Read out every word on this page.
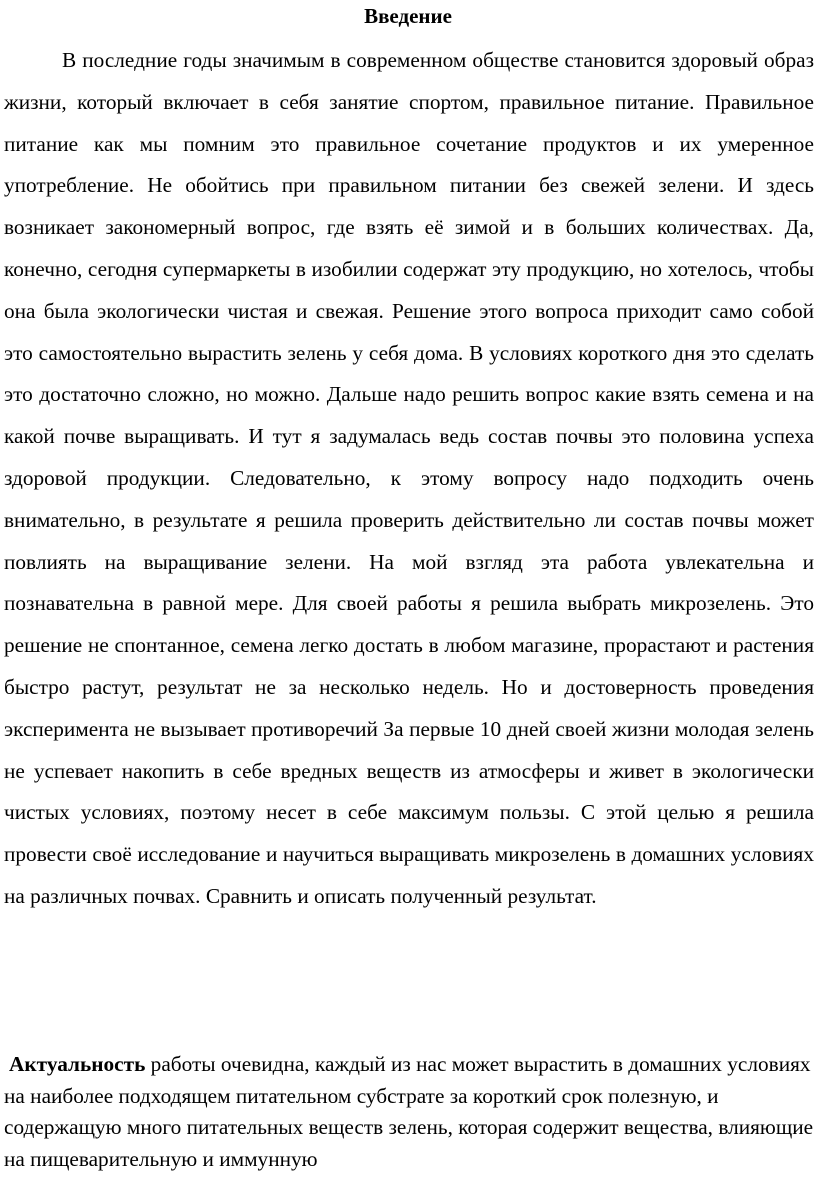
Введение

В последние годы значимым в современном обществе становится здоровый образ жизни, который включает в себя занятие спортом, правильное питание. Правильное питание как мы помним это правильное сочетание продуктов и их умеренное употребление. Не обойтись при правильном питании без свежей зелени. И здесь возникает закономерный вопрос, где взять её зимой и в больших количествах. Да, конечно, сегодня супермаркеты в изобилии содержат эту продукцию, но хотелось, чтобы она была экологически чистая и свежая. Решение этого вопроса приходит само собой это самостоятельно вырастить зелень у себя дома. В условиях короткого дня это сделать это достаточно сложно, но можно. Дальше надо решить вопрос какие взять семена и на какой почве выращивать. И тут я задумалась ведь состав почвы это половина успеха здоровой продукции. Следовательно, к этому вопросу надо подходить очень внимательно, в результате я решила проверить действительно ли состав почвы может повлиять на выращивание зелени. На мой взгляд эта работа увлекательна и познавательна в равной мере. Для своей работы я решила выбрать микрозелень. Это решение не спонтанное, семена легко достать в любом магазине, прорастают и растения быстро растут, результат не за несколько недель. Но и достоверность проведения эксперимента не вызывает противоречий За первые 10 дней своей жизни молодая зелень не успевает накопить в себе вредных веществ из атмосферы и живет в экологически чистых условиях, поэтому несет в себе максимум пользы. С этой целью я решила провести своё исследование и научиться выращивать микрозелень в домашних условиях на различных почвах. Сравнить и описать полученный результат.

Актуальность работы очевидна, каждый из нас может вырастить в домашних условиях на наиболее подходящем питательном субстрате за короткий срок полезную, и содержащую много питательных веществ зелень, которая содержит вещества, влияющие на пищеварительную и иммунную
